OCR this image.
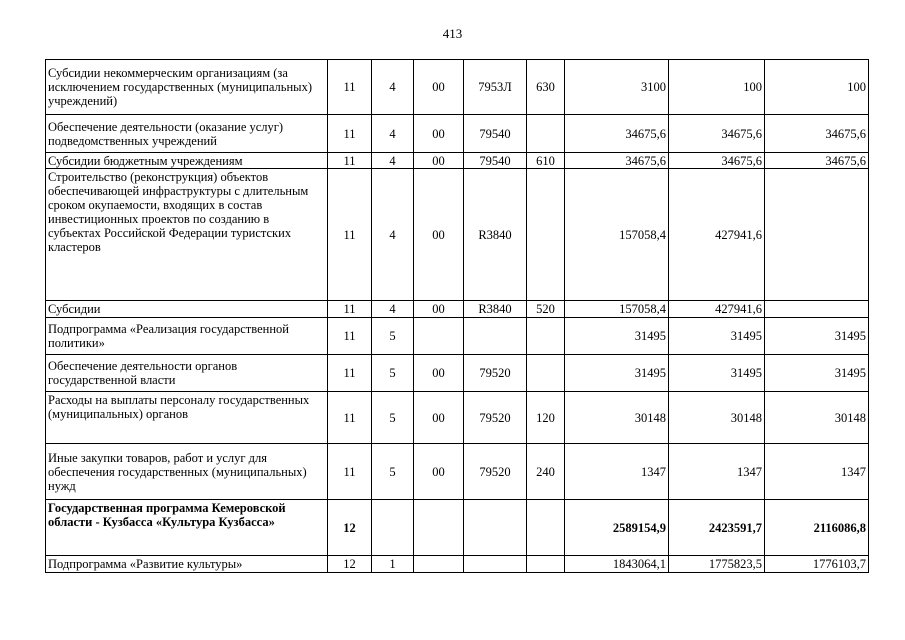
413
Субсидии некоммерческим организациям (за исключением государственных (муниципальных) учреждений)	11	4	00	7953Л	630	3100	100	100
Обеспечение деятельности (оказание услуг) подведомственных учреждений	11	4	00	79540		34675,6	34675,6	34675,6
Субсидии бюджетным учреждениям	11	4	00	79540	610	34675,6	34675,6	34675,6
Строительство (реконструкция) объектов обеспечивающей инфраструктуры с длительным сроком окупаемости, входящих в состав инвестиционных проектов по созданию в субъектах Российской Федерации туристских кластеров	11	4	00	R3840		157058,4	427941,6	
Субсидии	11	4	00	R3840	520	157058,4	427941,6	
Подпрограмма «Реализация государственной политики»	11	5				31495	31495	31495
Обеспечение деятельности органов государственной власти	11	5	00	79520		31495	31495	31495
Расходы на выплаты персоналу государственных (муниципальных) органов	11	5	00	79520	120	30148	30148	30148
Иные закупки товаров, работ и услуг для обеспечения государственных (муниципальных) нужд	11	5	00	79520	240	1347	1347	1347
Государственная программа Кемеровской области - Кузбасса «Культура Кузбасса»	12					2589154,9	2423591,7	2116086,8
Подпрограмма «Развитие культуры»	12	1				1843064,1	1775823,5	1776103,7
